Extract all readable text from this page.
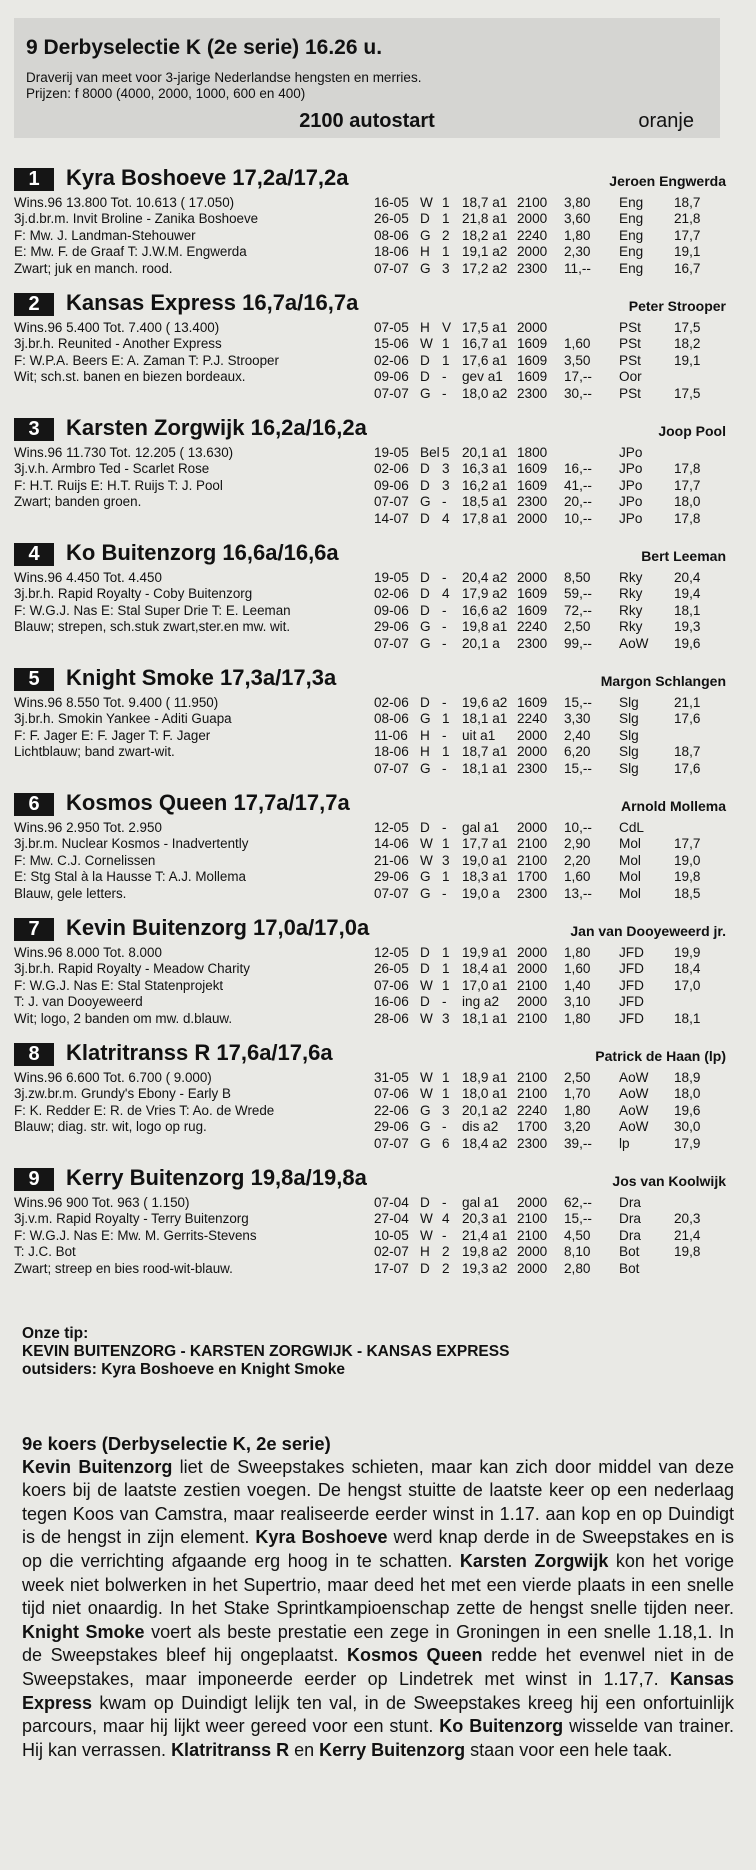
9 Derbyselectie K (2e serie) 16.26 u.
Draverij van meet voor 3-jarige Nederlandse hengsten en merries.
Prijzen: f 8000 (4000, 2000, 1000, 600 en 400)
2100 autostart	oranje
1	Kyra Boshoeve 17,2a/17,2a	Jeroen Engwerda
Wins.96 13.800 Tot. 10.613 ( 17.050)
3j.d.br.m. Invit Broline - Zanika Boshoeve
F: Mw. J. Landman-Stehouwer
E: Mw. F. de Graaf T: J.W.M. Engwerda
Zwart; juk en manch. rood.
16-05 W 1 18,7 a1 2100 3,80 Eng 18,7
26-05 D 1 21,8 a1 2000 3,60 Eng 21,8
08-06 G 2 18,2 a1 2240 1,80 Eng 17,7
18-06 H 1 19,1 a2 2000 2,30 Eng 19,1
07-07 G 3 17,2 a2 2300 11,-- Eng 16,7
2	Kansas Express 16,7a/16,7a	Peter Strooper
Wins.96 5.400 Tot. 7.400 ( 13.400)
3j.br.h. Reunited - Another Express
F: W.P.A. Beers E: A. Zaman T: P.J. Strooper
Wit; sch.st. banen en biezen bordeaux.
07-05 H V 17,5 a1 2000	PSt 17,5
15-06 W 1 16,7 a1 1609 1,60 PSt 18,2
02-06 D 1 17,6 a1 1609 3,50 PSt 19,1
09-06 D - gev a1 1609 17,-- Oor
07-07 G - 18,0 a2 2300 30,-- PSt 17,5
3	Karsten Zorgwijk 16,2a/16,2a	Joop Pool
Wins.96 11.730 Tot. 12.205 ( 13.630)
3j.v.h. Armbro Ted - Scarlet Rose
F: H.T. Ruijs E: H.T. Ruijs T: J. Pool
Zwart; banden groen.
19-05 Bel 5 20,1 a1 1800	JPo
02-06 D 3 16,3 a1 1609 16,-- JPo 17,8
09-06 D 3 16,2 a1 1609 41,-- JPo 17,7
07-07 G - 18,5 a1 2300 20,-- JPo 18,0
14-07 D 4 17,8 a1 2000 10,-- JPo 17,8
4	Ko Buitenzorg 16,6a/16,6a	Bert Leeman
Wins.96 4.450 Tot. 4.450
3j.br.h. Rapid Royalty - Coby Buitenzorg
F: W.G.J. Nas E: Stal Super Drie T: E. Leeman
Blauw; strepen, sch.stuk zwart,ster.en mw. wit.
19-05 D - 20,4 a2 2000 8,50 Rky 20,4
02-06 D 4 17,9 a2 1609 59,-- Rky 19,4
09-06 D - 16,6 a2 1609 72,-- Rky 18,1
29-06 G - 19,8 a1 2240 2,50 Rky 19,3
07-07 G - 20,1 a 2300 99,-- AoW 19,6
5	Knight Smoke 17,3a/17,3a	Margon Schlangen
Wins.96 8.550 Tot. 9.400 ( 11.950)
3j.br.h. Smokin Yankee - Aditi Guapa
F: F. Jager E: F. Jager T: F. Jager
Lichtblauw; band zwart-wit.
02-06 D - 19,6 a2 1609 15,-- Slg	21,1
08-06 G 1 18,1 a1 2240 3,30 Slg	17,6
11-06 H - uit a1 2000 2,40 Slg
18-06 H 1 18,7 a1 2000 6,20 Slg	18,7
07-07 G - 18,1 a1 2300 15,-- Slg	17,6
6	Kosmos Queen 17,7a/17,7a	Arnold Mollema
Wins.96 2.950 Tot. 2.950
3j.br.m. Nuclear Kosmos - Inadvertently
F: Mw. C.J. Cornelissen
E: Stg Stal à la Hausse T: A.J. Mollema
Blauw, gele letters.
12-05 D - gal a1 2000 10,-- CdL
14-06 W 1 17,7 a1 2100 2,90 Mol 17,7
21-06 W 3 19,0 a1 2100 2,20 Mol 19,0
29-06 G 1 18,3 a1 1700 1,60 Mol 19,8
07-07 G - 19,0 a 2300 13,-- Mol 18,5
7	Kevin Buitenzorg 17,0a/17,0a	Jan van Dooyeweerd jr.
Wins.96 8.000 Tot. 8.000
3j.br.h. Rapid Royalty - Meadow Charity
F: W.G.J. Nas E: Stal Statenprojekt
T: J. van Dooyeweerd
Wit; logo, 2 banden om mw. d.blauw.
12-05 D 1 19,9 a1 2000 1,80 JFD 19,9
26-05 D 1 18,4 a1 2000 1,60 JFD 18,4
07-06 W 1 17,0 a1 2100 1,40 JFD 17,0
16-06 D - ing a2 2000 3,10 JFD
28-06 W 3 18,1 a1 2100 1,80 JFD 18,1
8	Klatritranss R 17,6a/17,6a	Patrick de Haan (lp)
Wins.96 6.600 Tot. 6.700 ( 9.000)
3j.zw.br.m. Grundy's Ebony - Early B
F: K. Redder E: R. de Vries T: Ao. de Wrede
Blauw; diag. str. wit, logo op rug.
31-05 W 1 18,9 a1 2100 2,50 AoW 18,9
07-06 W 1 18,0 a1 2100 1,70 AoW 18,0
22-06 G 3 20,1 a2 2240 1,80 AoW 19,6
29-06 G - dis a2 1700 3,20 AoW 30,0
07-07 G 6 18,4 a2 2300 39,-- lp	17,9
9	Kerry Buitenzorg 19,8a/19,8a	Jos van Koolwijk
Wins.96 900 Tot. 963 ( 1.150)
3j.v.m. Rapid Royalty - Terry Buitenzorg
F: W.G.J. Nas E: Mw. M. Gerrits-Stevens
T: J.C. Bot
Zwart; streep en bies rood-wit-blauw.
07-04 D - gal a1 2000 62,-- Dra
27-04 W 4 20,3 a1 2100 15,-- Dra 20,3
10-05 W - 21,4 a1 2100 4,50 Dra 21,4
02-07 H 2 19,8 a2 2000 8,10 Bot	19,8
17-07 D 2 19,3 a2 2000 2,80 Bot
Onze tip:
KEVIN BUITENZORG - KARSTEN ZORGWIJK - KANSAS EXPRESS
outsiders: Kyra Boshoeve en Knight Smoke
9e koers (Derbyselectie K, 2e serie)
Kevin Buitenzorg liet de Sweepstakes schieten, maar kan zich door middel van deze koers bij de laatste zestien voegen. De hengst stuitte de laatste keer op een nederlaag tegen Koos van Camstra, maar realiseerde eerder winst in 1.17. aan kop en op Duindigt is de hengst in zijn element. Kyra Boshoeve werd knap derde in de Sweepstakes en is op die verrichting afgaande erg hoog in te schatten. Karsten Zorgwijk kon het vorige week niet bolwerken in het Supertrio, maar deed het met een vierde plaats in een snelle tijd niet onaardig. In het Stake Sprintkampioenschap zette de hengst snelle tijden neer. Knight Smoke voert als beste prestatie een zege in Groningen in een snelle 1.18,1. In de Sweepstakes bleef hij ongeplaatst. Kosmos Queen redde het evenwel niet in de Sweepstakes, maar imponeerde eerder op Lindetrek met winst in 1.17,7. Kansas Express kwam op Duindigt lelijk ten val, in de Sweepstakes kreeg hij een onfortuinlijk parcours, maar hij lijkt weer gereed voor een stunt. Ko Buitenzorg wisselde van trainer. Hij kan verrassen. Klatritranss R en Kerry Buitenzorg staan voor een hele taak.
